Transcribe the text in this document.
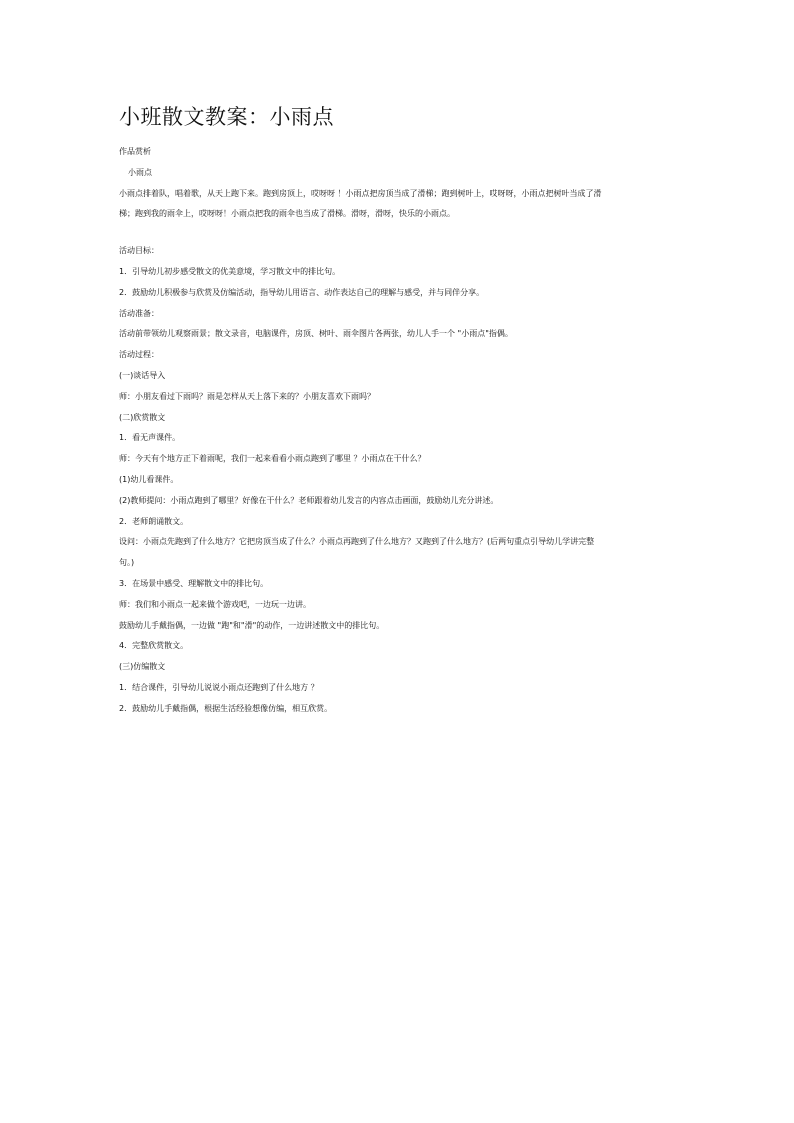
小班散文教案：小雨点
作品赏析
小雨点
小雨点排着队，唱着歌，从天上跑下来。跑到房顶上，哎呀呀 ！小雨点把房顶当成了滑梯；跑到树叶上，哎呀呀，小雨点把树叶当成了滑
梯；跑到我的雨伞上，哎呀呀！小雨点把我的雨伞也当成了滑梯。滑呀，滑呀，快乐的小雨点。
活动目标：
1．引导幼儿初步感受散文的优美意境，学习散文中的排比句。
2．鼓励幼儿积极参与欣赏及仿编活动，指导幼儿用语言、动作表达自己的理解与感受，并与同伴分享。
活动准备：
活动前带领幼儿观察雨景；散文录音，电脑课件，房顶、树叶、雨伞图片各两张，幼儿人手一个 "小雨点"指偶。
活动过程：
(一)谈话导入
师：小朋友看过下雨吗？雨是怎样从天上落下来的？小朋友喜欢下雨吗？
(二)欣赏散文
1．看无声课件。
师：今天有个地方正下着雨呢，我们一起来看看小雨点跑到了哪里 ？小雨点在干什么？
(1)幼儿看课件。
(2)教师提问：小雨点跑到了哪里？好像在干什么？老师跟着幼儿发言的内容点击画面，鼓励幼儿充分讲述。
2．老师朗诵散文。
设问：小雨点先跑到了什么地方？它把房顶当成了什么？小雨点再跑到了什么地方？又跑到了什么地方？(后两句重点引导幼儿学讲完整
句。)
3．在场景中感受、理解散文中的排比句。
师：我们和小雨点一起来做个游戏吧，一边玩一边讲。
鼓励幼儿手戴指偶，一边做 "跑"和"滑"的动作，一边讲述散文中的排比句。
4．完整欣赏散文。
(三)仿编散文
1．结合课件，引导幼儿说说小雨点还跑到了什么地方 ？
2．鼓励幼儿手戴指偶，根据生活经验想像仿编，相互欣赏。
